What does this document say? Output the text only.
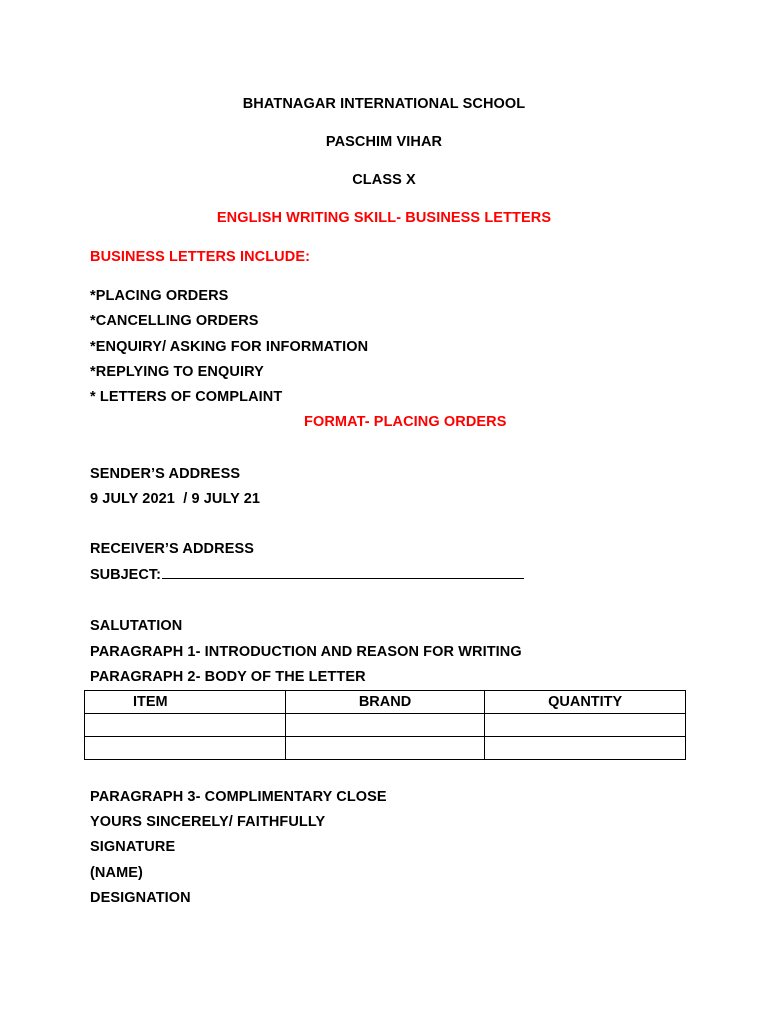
BHATNAGAR INTERNATIONAL SCHOOL
PASCHIM VIHAR
CLASS X
ENGLISH WRITING SKILL- BUSINESS LETTERS
BUSINESS LETTERS INCLUDE:
*PLACING ORDERS
*CANCELLING ORDERS
*ENQUIRY/ ASKING FOR INFORMATION
*REPLYING TO ENQUIRY
* LETTERS OF COMPLAINT
FORMAT- PLACING ORDERS
SENDER’S ADDRESS
9 JULY 2021  / 9 JULY 21
RECEIVER’S ADDRESS
SUBJECT:
SALUTATION
PARAGRAPH 1- INTRODUCTION AND REASON FOR WRITING
PARAGRAPH 2- BODY OF THE LETTER
ITEM	BRAND	QUANTITY

PARAGRAPH 3- COMPLIMENTARY CLOSE
YOURS SINCERELY/ FAITHFULLY
SIGNATURE
(NAME)
DESIGNATION
